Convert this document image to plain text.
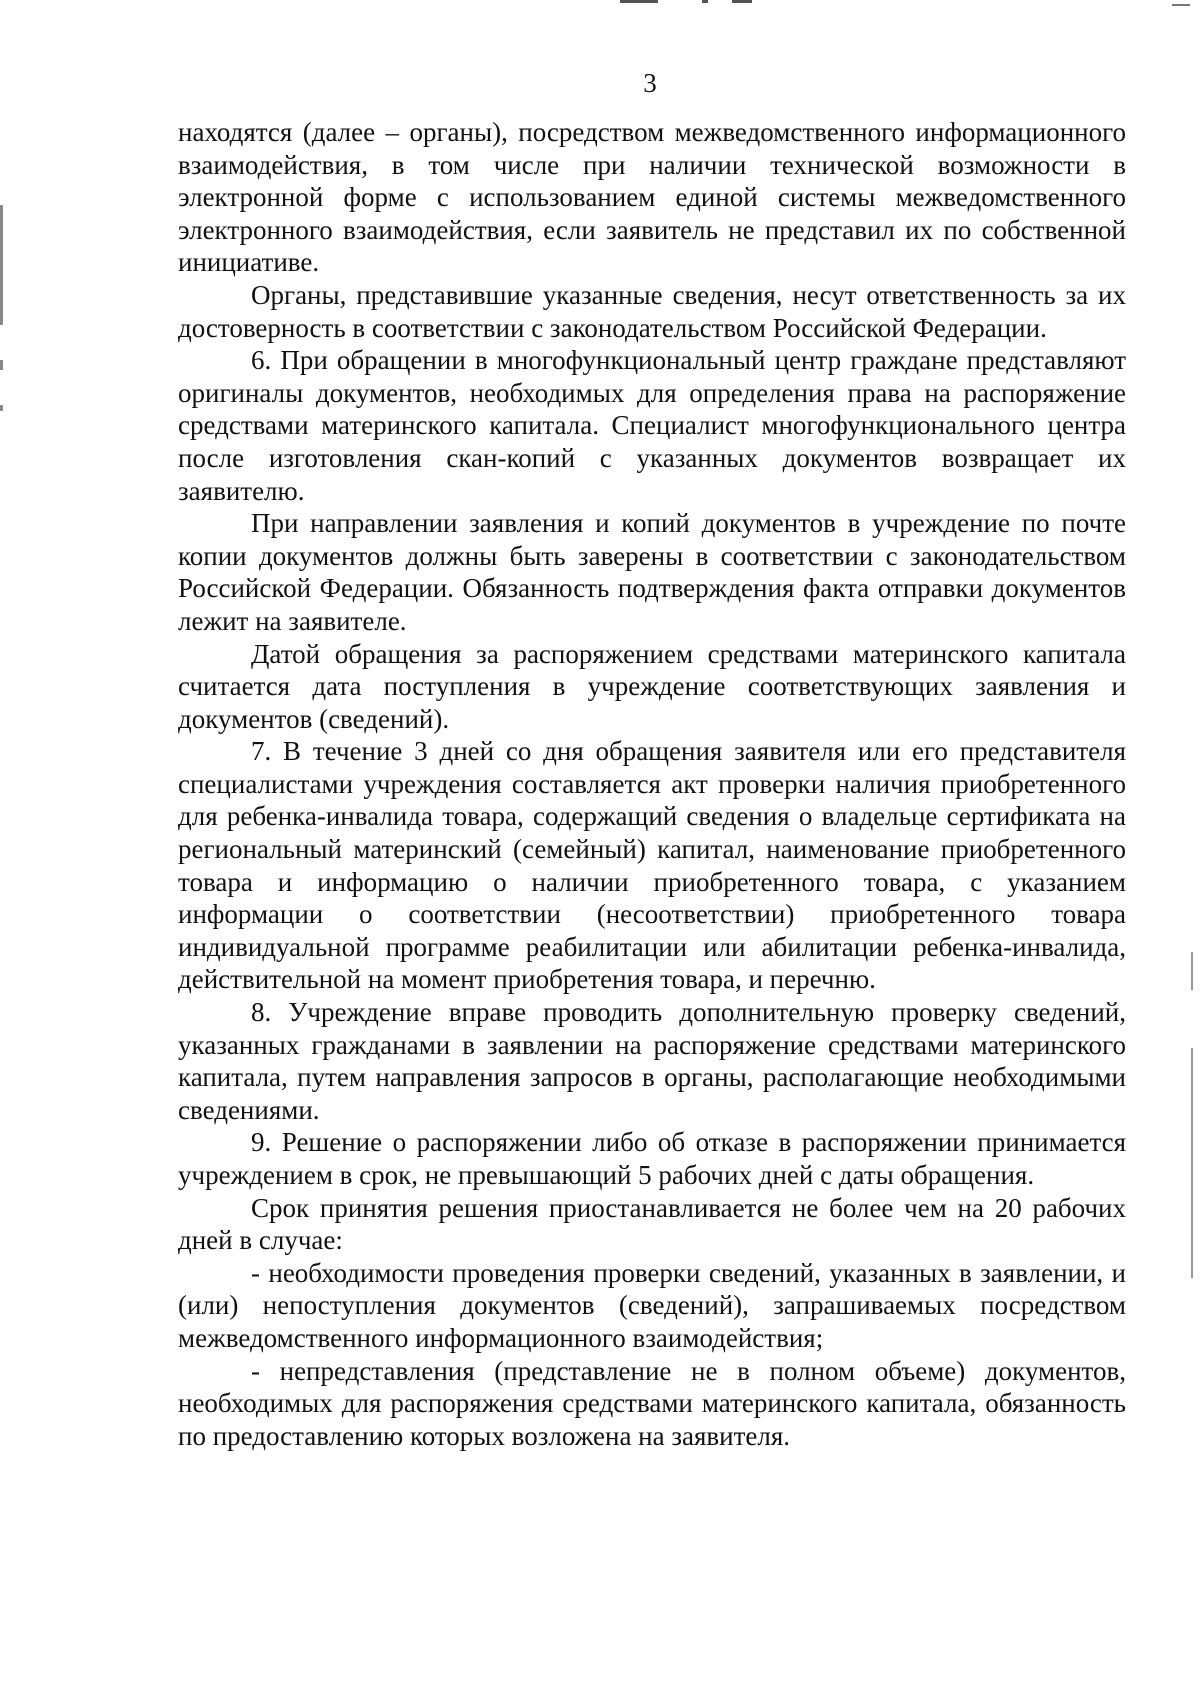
3

находятся (далее – органы), посредством межведомственного информационного взаимодействия, в том числе при наличии технической возможности в электронной форме с использованием единой системы межведомственного электронного взаимодействия, если заявитель не представил их по собственной инициативе.

Органы, представившие указанные сведения, несут ответственность за их достоверность в соответствии с законодательством Российской Федерации.

6. При обращении в многофункциональный центр граждане представляют оригиналы документов, необходимых для определения права на распоряжение средствами материнского капитала. Специалист многофункционального центра после изготовления скан-копий с указанных документов возвращает их заявителю.

При направлении заявления и копий документов в учреждение по почте копии документов должны быть заверены в соответствии с законодательством Российской Федерации. Обязанность подтверждения факта отправки документов лежит на заявителе.

Датой обращения за распоряжением средствами материнского капитала считается дата поступления в учреждение соответствующих заявления и документов (сведений).

7. В течение 3 дней со дня обращения заявителя или его представителя специалистами учреждения составляется акт проверки наличия приобретенного для ребенка-инвалида товара, содержащий сведения о владельце сертификата на региональный материнский (семейный) капитал, наименование приобретенного товара и информацию о наличии приобретенного товара, с указанием информации о соответствии (несоответствии) приобретенного товара индивидуальной программе реабилитации или абилитации ребенка-инвалида, действительной на момент приобретения товара, и перечню.

8. Учреждение вправе проводить дополнительную проверку сведений, указанных гражданами в заявлении на распоряжение средствами материнского капитала, путем направления запросов в органы, располагающие необходимыми сведениями.

9. Решение о распоряжении либо об отказе в распоряжении принимается учреждением в срок, не превышающий 5 рабочих дней с даты обращения.

Срок принятия решения приостанавливается не более чем на 20 рабочих дней в случае:

- необходимости проведения проверки сведений, указанных в заявлении, и (или) непоступления документов (сведений), запрашиваемых посредством межведомственного информационного взаимодействия;

- непредставления (представление не в полном объеме) документов, необходимых для распоряжения средствами материнского капитала, обязанность по предоставлению которых возложена на заявителя.
